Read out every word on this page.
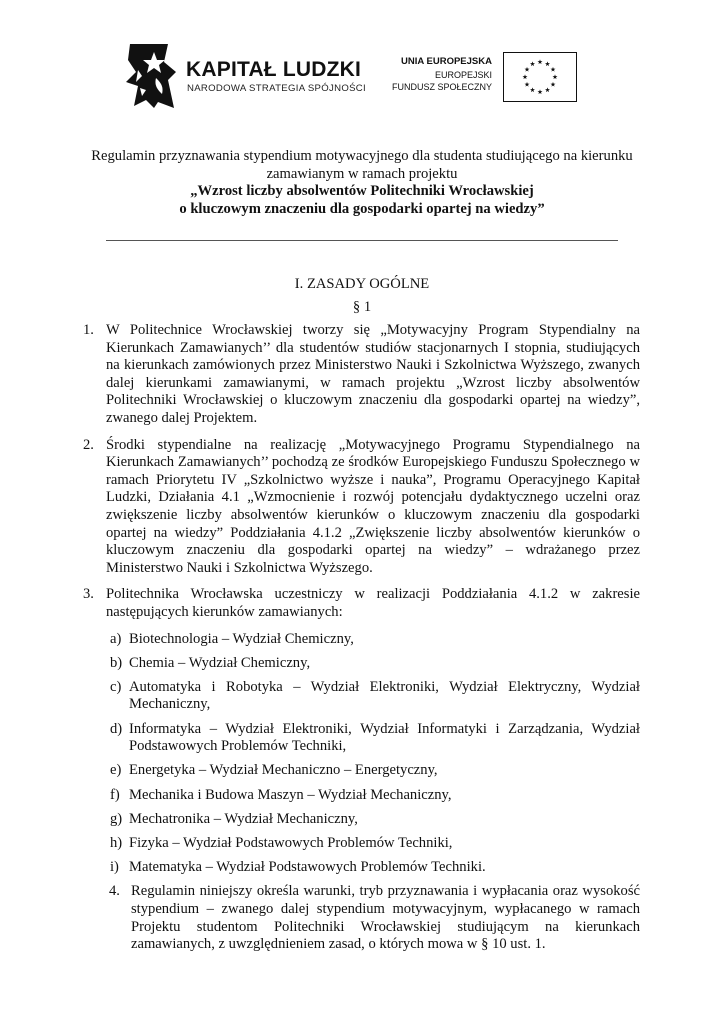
KAPITAŁ LUDZKI
NARODOWA STRATEGIA SPÓJNOŚCI
UNIA EUROPEJSKA
EUROPEJSKI
FUNDUSZ SPOŁECZNY
Regulamin przyznawania stypendium motywacyjnego dla studenta studiującego na kierunku
zamawianym w ramach projektu
„Wzrost liczby absolwentów Politechniki Wrocławskiej
o kluczowym znaczeniu dla gospodarki opartej na wiedzy”
I. ZASADY OGÓLNE
§ 1
1. W Politechnice Wrocławskiej tworzy się „Motywacyjny Program Stypendialny na Kierunkach Zamawianych’’ dla studentów studiów stacjonarnych I stopnia, studiujących na kierunkach zamówionych przez Ministerstwo Nauki i Szkolnictwa Wyższego, zwanych dalej kierunkami zamawianymi, w ramach projektu „Wzrost liczby absolwentów Politechniki Wrocławskiej o kluczowym znaczeniu dla gospodarki opartej na wiedzy”, zwanego dalej Projektem.
2. Środki stypendialne na realizację „Motywacyjnego Programu Stypendialnego na Kierunkach Zamawianych’’ pochodzą ze środków Europejskiego Funduszu Społecznego w ramach Priorytetu IV „Szkolnictwo wyższe i nauka”, Programu Operacyjnego Kapitał Ludzki, Działania 4.1 „Wzmocnienie i rozwój potencjału dydaktycznego uczelni oraz zwiększenie liczby absolwentów kierunków o kluczowym znaczeniu dla gospodarki opartej na wiedzy” Poddziałania 4.1.2 „Zwiększenie liczby absolwentów kierunków o kluczowym znaczeniu dla gospodarki opartej na wiedzy” – wdrażanego przez Ministerstwo Nauki i Szkolnictwa Wyższego.
3. Politechnika Wrocławska uczestniczy w realizacji Poddziałania 4.1.2 w zakresie następujących kierunków zamawianych:
a) Biotechnologia – Wydział Chemiczny,
b) Chemia – Wydział Chemiczny,
c) Automatyka i Robotyka – Wydział Elektroniki, Wydział Elektryczny, Wydział Mechaniczny,
d) Informatyka – Wydział Elektroniki, Wydział Informatyki i Zarządzania, Wydział Podstawowych Problemów Techniki,
e) Energetyka – Wydział Mechaniczno – Energetyczny,
f) Mechanika i Budowa Maszyn – Wydział Mechaniczny,
g) Mechatronika – Wydział Mechaniczny,
h) Fizyka – Wydział Podstawowych Problemów Techniki,
i) Matematyka – Wydział Podstawowych Problemów Techniki.
4. Regulamin niniejszy określa warunki, tryb przyznawania i wypłacania oraz wysokość stypendium – zwanego dalej stypendium motywacyjnym, wypłacanego w ramach Projektu studentom Politechniki Wrocławskiej studiującym na kierunkach zamawianych, z uwzględnieniem zasad, o których mowa w § 10 ust. 1.
